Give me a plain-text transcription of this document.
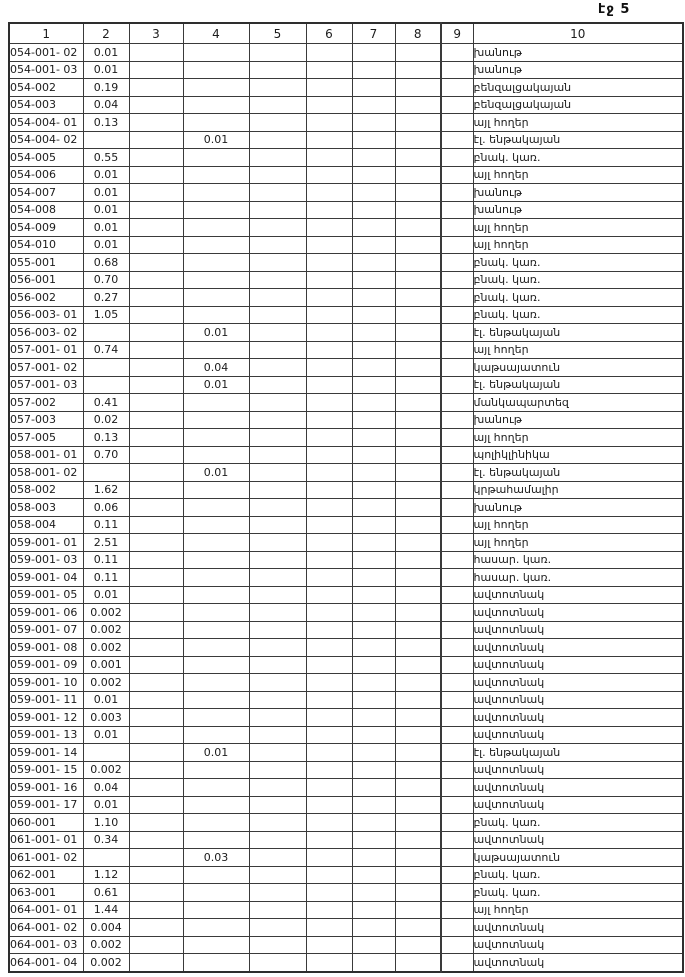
էջ 5
1	2	3	4	5	6	7	8	9	10
054-001- 02	0.01								խանութ
054-001- 03	0.01								խանութ
054-002	0.19								բենզալցակայան
054-003	0.04								բենզալցակայան
054-004- 01	0.13								այլ հողեր
054-004- 02			0.01						էլ. ենթակայան
054-005	0.55								բնակ. կառ.
054-006	0.01								այլ հողեր
054-007	0.01								խանութ
054-008	0.01								խանութ
054-009	0.01								այլ հողեր
054-010	0.01								այլ հողեր
055-001	0.68								բնակ. կառ.
056-001	0.70								բնակ. կառ.
056-002	0.27								բնակ. կառ.
056-003- 01	1.05								բնակ. կառ.
056-003- 02			0.01						էլ. ենթակայան
057-001- 01	0.74								այլ հողեր
057-001- 02			0.04						կաթսայատուն
057-001- 03			0.01						էլ. ենթակայան
057-002	0.41								մանկապարտեզ
057-003	0.02								խանութ
057-005	0.13								այլ հողեր
058-001- 01	0.70								պոլիկլինիկա
058-001- 02			0.01						էլ. ենթակայան
058-002	1.62								կրթահամալիր
058-003	0.06								խանութ
058-004	0.11								այլ հողեր
059-001- 01	2.51								այլ հողեր
059-001- 03	0.11								հասար. կառ.
059-001- 04	0.11								հասար. կառ.
059-001- 05	0.01								ավտոտնակ
059-001- 06	0.002								ավտոտնակ
059-001- 07	0.002								ավտոտնակ
059-001- 08	0.002								ավտոտնակ
059-001- 09	0.001								ավտոտնակ
059-001- 10	0.002								ավտոտնակ
059-001- 11	0.01								ավտոտնակ
059-001- 12	0.003								ավտոտնակ
059-001- 13	0.01								ավտոտնակ
059-001- 14			0.01						էլ. ենթակայան
059-001- 15	0.002								ավտոտնակ
059-001- 16	0.04								ավտոտնակ
059-001- 17	0.01								ավտոտնակ
060-001	1.10								բնակ. կառ.
061-001- 01	0.34								ավտոտնակ
061-001- 02			0.03						կաթսայատուն
062-001	1.12								բնակ. կառ.
063-001	0.61								բնակ. կառ.
064-001- 01	1.44								այլ հողեր
064-001- 02	0.004								ավտոտնակ
064-001- 03	0.002								ավտոտնակ
064-001- 04	0.002								ավտոտնակ
